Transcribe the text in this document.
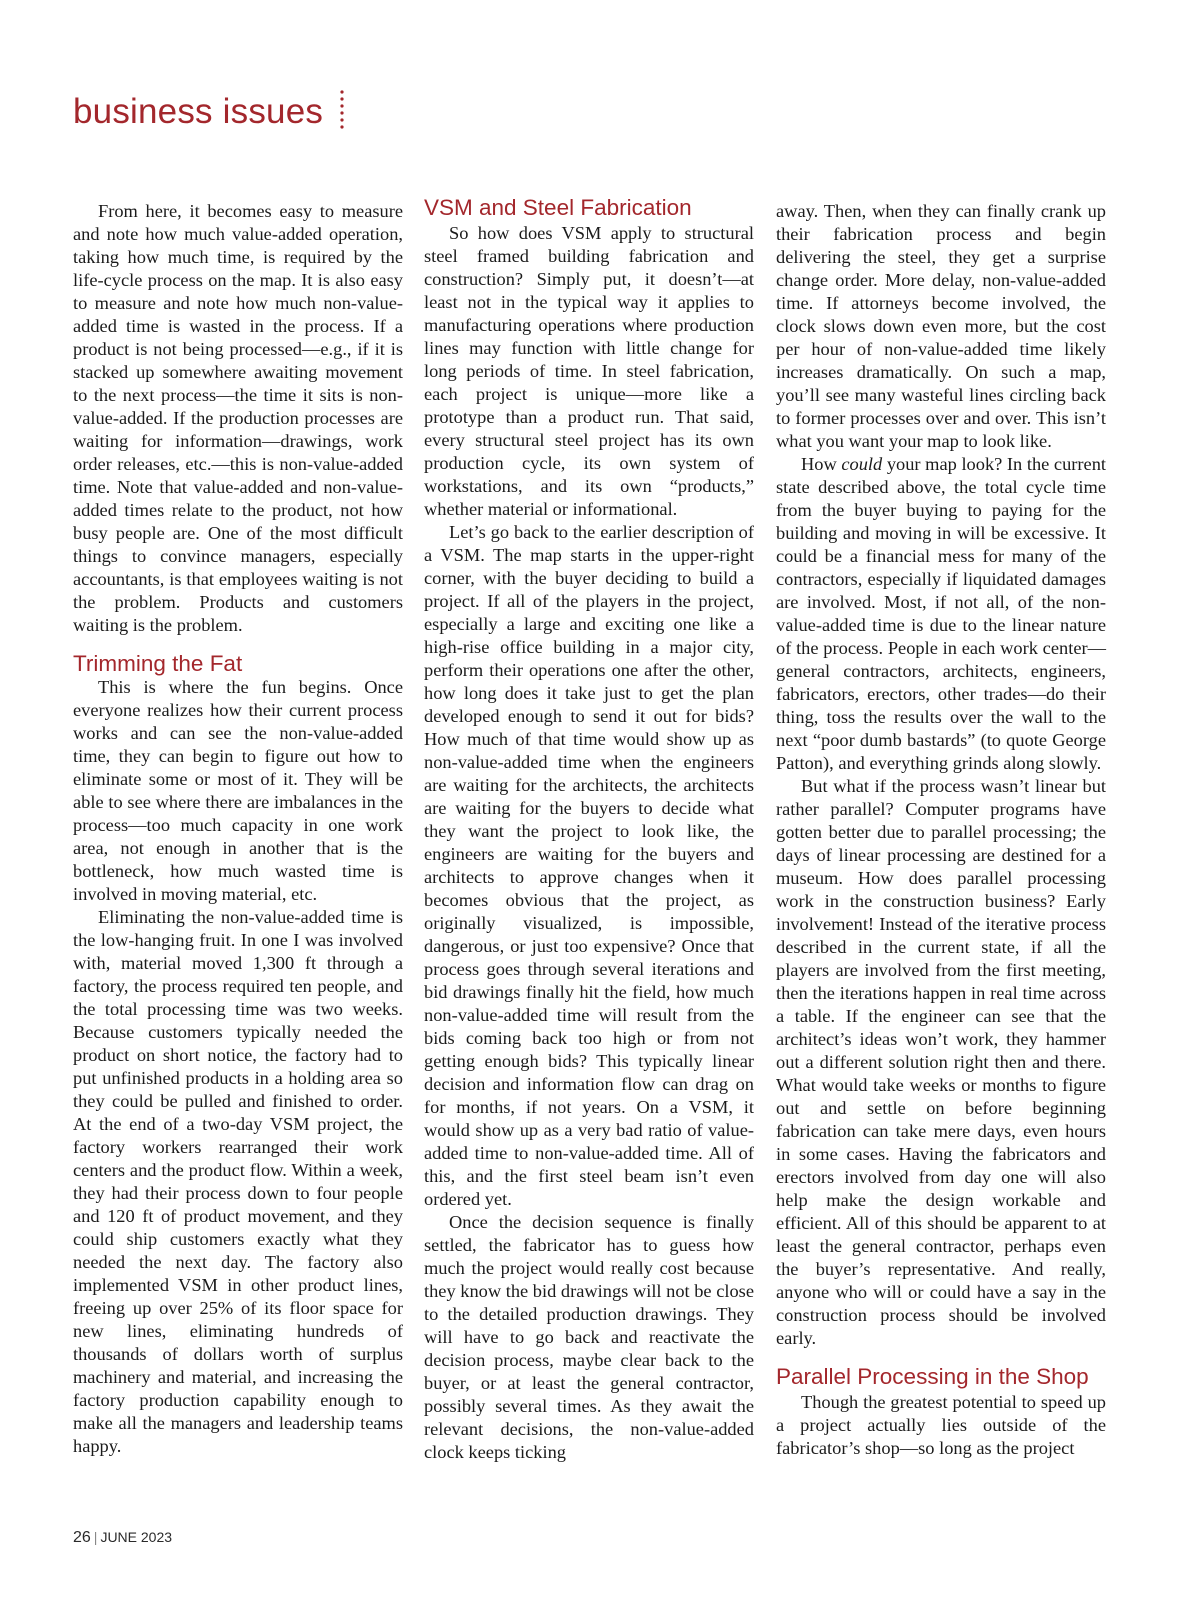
business issues

From here, it becomes easy to measure and note how much value-added operation, taking how much time, is required by the life-cycle process on the map. It is also easy to measure and note how much non-value-added time is wasted in the process. If a product is not being processed—e.g., if it is stacked up somewhere awaiting movement to the next process—the time it sits is non-value-added. If the production processes are waiting for information—drawings, work order releases, etc.—this is non-value-added time. Note that value-added and non-value-added times relate to the product, not how busy people are. One of the most difficult things to convince managers, especially accountants, is that employees waiting is not the problem. Products and customers waiting is the problem.

Trimming the Fat

This is where the fun begins. Once everyone realizes how their current process works and can see the non-value-added time, they can begin to figure out how to eliminate some or most of it. They will be able to see where there are imbalances in the process—too much capacity in one work area, not enough in another that is the bottleneck, how much wasted time is involved in moving material, etc.

Eliminating the non-value-added time is the low-hanging fruit. In one I was involved with, material moved 1,300 ft through a factory, the process required ten people, and the total processing time was two weeks. Because customers typically needed the product on short notice, the factory had to put unfinished products in a holding area so they could be pulled and finished to order. At the end of a two-day VSM project, the factory workers rearranged their work centers and the product flow. Within a week, they had their process down to four people and 120 ft of product movement, and they could ship customers exactly what they needed the next day. The factory also implemented VSM in other product lines, freeing up over 25% of its floor space for new lines, eliminating hundreds of thousands of dollars worth of surplus machinery and material, and increasing the factory production capability enough to make all the managers and leadership teams happy.

VSM and Steel Fabrication

So how does VSM apply to structural steel framed building fabrication and construction? Simply put, it doesn’t—at least not in the typical way it applies to manufacturing operations where production lines may function with little change for long periods of time. In steel fabrication, each project is unique—more like a prototype than a product run. That said, every structural steel project has its own production cycle, its own system of workstations, and its own “products,” whether material or informational.

Let’s go back to the earlier description of a VSM. The map starts in the upper-right corner, with the buyer deciding to build a project. If all of the players in the project, especially a large and exciting one like a high-rise office building in a major city, perform their operations one after the other, how long does it take just to get the plan developed enough to send it out for bids? How much of that time would show up as non-value-added time when the engineers are waiting for the architects, the architects are waiting for the buyers to decide what they want the project to look like, the engineers are waiting for the buyers and architects to approve changes when it becomes obvious that the project, as originally visualized, is impossible, dangerous, or just too expensive? Once that process goes through several iterations and bid drawings finally hit the field, how much non-value-added time will result from the bids coming back too high or from not getting enough bids? This typically linear decision and information flow can drag on for months, if not years. On a VSM, it would show up as a very bad ratio of value-added time to non-value-added time. All of this, and the first steel beam isn’t even ordered yet.

Once the decision sequence is finally settled, the fabricator has to guess how much the project would really cost because they know the bid drawings will not be close to the detailed production drawings. They will have to go back and reactivate the decision process, maybe clear back to the buyer, or at least the general contractor, possibly several times. As they await the relevant decisions, the non-value-added clock keeps ticking

away. Then, when they can finally crank up their fabrication process and begin delivering the steel, they get a surprise change order. More delay, non-value-added time. If attorneys become involved, the clock slows down even more, but the cost per hour of non-value-added time likely increases dramatically. On such a map, you’ll see many wasteful lines circling back to former processes over and over. This isn’t what you want your map to look like.

How could your map look? In the current state described above, the total cycle time from the buyer buying to paying for the building and moving in will be excessive. It could be a financial mess for many of the contractors, especially if liquidated damages are involved. Most, if not all, of the non-value-added time is due to the linear nature of the process. People in each work center—general contractors, architects, engineers, fabricators, erectors, other trades—do their thing, toss the results over the wall to the next “poor dumb bastards” (to quote George Patton), and everything grinds along slowly.

But what if the process wasn’t linear but rather parallel? Computer programs have gotten better due to parallel processing; the days of linear processing are destined for a museum. How does parallel processing work in the construction business? Early involvement! Instead of the iterative process described in the current state, if all the players are involved from the first meeting, then the iterations happen in real time across a table. If the engineer can see that the architect’s ideas won’t work, they hammer out a different solution right then and there. What would take weeks or months to figure out and settle on before beginning fabrication can take mere days, even hours in some cases. Having the fabricators and erectors involved from day one will also help make the design workable and efficient. All of this should be apparent to at least the general contractor, perhaps even the buyer’s representative. And really, anyone who will or could have a say in the construction process should be involved early.

Parallel Processing in the Shop

Though the greatest potential to speed up a project actually lies outside of the fabricator’s shop—so long as the project

26 | JUNE 2023
